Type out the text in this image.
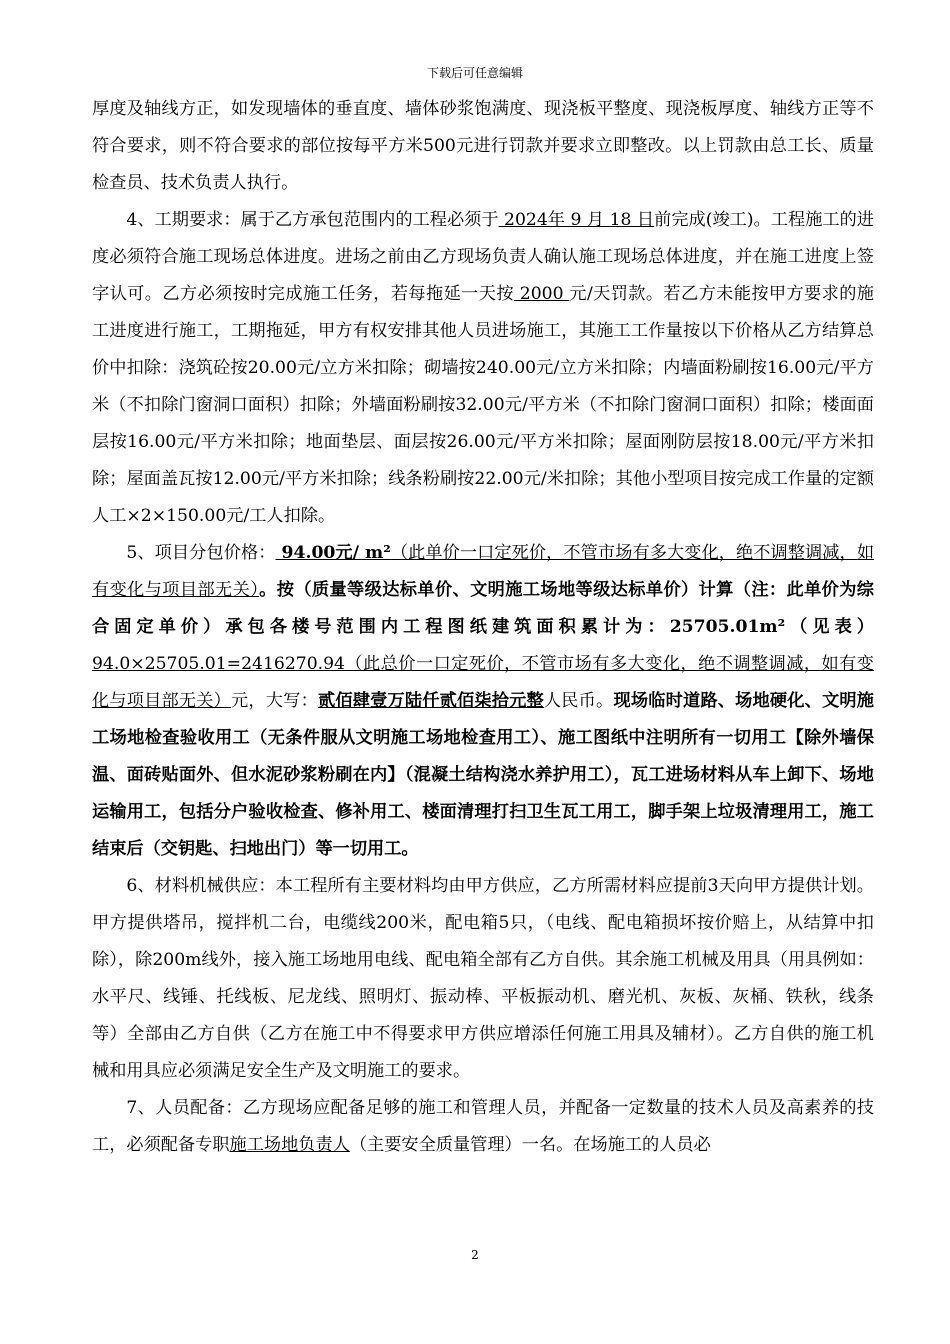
下载后可任意编辑

厚度及轴线方正，如发现墙体的垂直度、墙体砂浆饱满度、现浇板平整度、现浇板厚度、轴线方正等不符合要求，则不符合要求的部位按每平方米500元进行罚款并要求立即整改。以上罚款由总工长、质量检查员、技术负责人执行。

4、工期要求：属于乙方承包范围内的工程必须于 2024年 9 月 18 日前完成(竣工)。工程施工的进度必须符合施工现场总体进度。进场之前由乙方现场负责人确认施工现场总体进度，并在施工进度上签字认可。乙方必须按时完成施工任务，若每拖延一天按 2000 元/天罚款。若乙方未能按甲方要求的施工进度进行施工，工期拖延，甲方有权安排其他人员进场施工，其施工工作量按以下价格从乙方结算总价中扣除：浇筑砼按20.00元/立方米扣除；砌墙按240.00元/立方米扣除；内墙面粉刷按16.00元/平方米（不扣除门窗洞口面积）扣除；外墙面粉刷按32.00元/平方米（不扣除门窗洞口面积）扣除；楼面面层按16.00元/平方米扣除；地面垫层、面层按26.00元/平方米扣除；屋面刚防层按18.00元/平方米扣除；屋面盖瓦按12.00元/平方米扣除；线条粉刷按22.00元/米扣除；其他小型项目按完成工作量的定额人工×2×150.00元/工人扣除。

5、项目分包价格： 94.00元/ m²（此单价一口定死价，不管市场有多大变化，绝不调整调减，如有变化与项目部无关）。按（质量等级达标单价、文明施工场地等级达标单价）计算（注：此单价为综合固定单价）承包各楼号范围内工程图纸建筑面积累计为：25705.01m²（见表） 94.0×25705.01=2416270.94（此总价一口定死价，不管市场有多大变化，绝不调整调减，如有变化与项目部无关）元，大写：贰佰肆壹万陆仟贰佰柒拾元整人民币。现场临时道路、场地硬化、文明施工场地检查验收用工（无条件服从文明施工场地检查用工）、施工图纸中注明所有一切用工【除外墙保温、面砖贴面外、但水泥砂浆粉刷在内】（混凝土结构浇水养护用工），瓦工进场材料从车上卸下、场地运输用工，包括分户验收检查、修补用工、楼面清理打扫卫生瓦工用工，脚手架上垃圾清理用工，施工结束后（交钥匙、扫地出门）等一切用工。

6、材料机械供应：本工程所有主要材料均由甲方供应，乙方所需材料应提前3天向甲方提供计划。甲方提供塔吊，搅拌机二台，电缆线200米，配电箱5只，（电线、配电箱损坏按价赔上，从结算中扣除），除200m线外，接入施工场地用电线、配电箱全部有乙方自供。其余施工机械及用具（用具例如：水平尺、线锤、托线板、尼龙线、照明灯、振动棒、平板振动机、磨光机、灰板、灰桶、铁秋，线条等）全部由乙方自供（乙方在施工中不得要求甲方供应增添任何施工用具及辅材）。乙方自供的施工机械和用具应必须满足安全生产及文明施工的要求。

7、人员配备：乙方现场应配备足够的施工和管理人员，并配备一定数量的技术人员及高素养的技工，必须配备专职施工场地负责人（主要安全质量管理）一名。在场施工的人员必

2
